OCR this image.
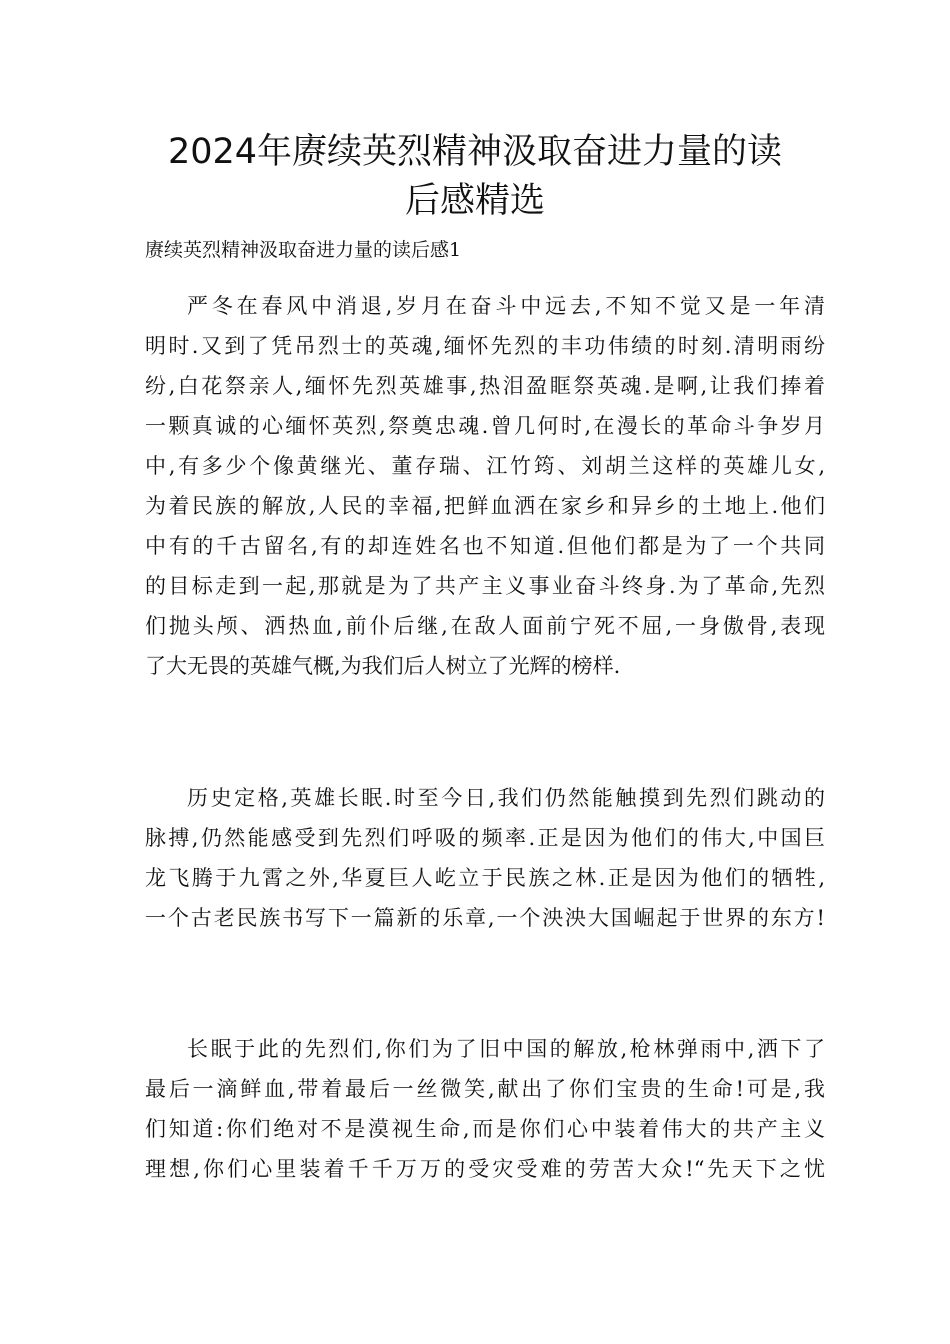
2024年赓续英烈精神汲取奋进力量的读
后感精选
赓续英烈精神汲取奋进力量的读后感1
严冬在春风中消退,岁月在奋斗中远去,不知不觉又是一年清
明时.又到了凭吊烈士的英魂,缅怀先烈的丰功伟绩的时刻.清明雨纷
纷,白花祭亲人,缅怀先烈英雄事,热泪盈眶祭英魂.是啊,让我们捧着
一颗真诚的心缅怀英烈,祭奠忠魂.曾几何时,在漫长的革命斗争岁月
中,有多少个像黄继光、董存瑞、江竹筠、刘胡兰这样的英雄儿女,
为着民族的解放,人民的幸福,把鲜血洒在家乡和异乡的土地上.他们
中有的千古留名,有的却连姓名也不知道.但他们都是为了一个共同
的目标走到一起,那就是为了共产主义事业奋斗终身.为了革命,先烈
们抛头颅、洒热血,前仆后继,在敌人面前宁死不屈,一身傲骨,表现
了大无畏的英雄气概,为我们后人树立了光辉的榜样.
历史定格,英雄长眠.时至今日,我们仍然能触摸到先烈们跳动的
脉搏,仍然能感受到先烈们呼吸的频率.正是因为他们的伟大,中国巨
龙飞腾于九霄之外,华夏巨人屹立于民族之林.正是因为他们的牺牲,
一个古老民族书写下一篇新的乐章,一个泱泱大国崛起于世界的东方!
长眠于此的先烈们,你们为了旧中国的解放,枪林弹雨中,洒下了
最后一滴鲜血,带着最后一丝微笑,献出了你们宝贵的生命!可是,我
们知道:你们绝对不是漠视生命,而是你们心中装着伟大的共产主义
理想,你们心里装着千千万万的受灾受难的劳苦大众!“先天下之忧
